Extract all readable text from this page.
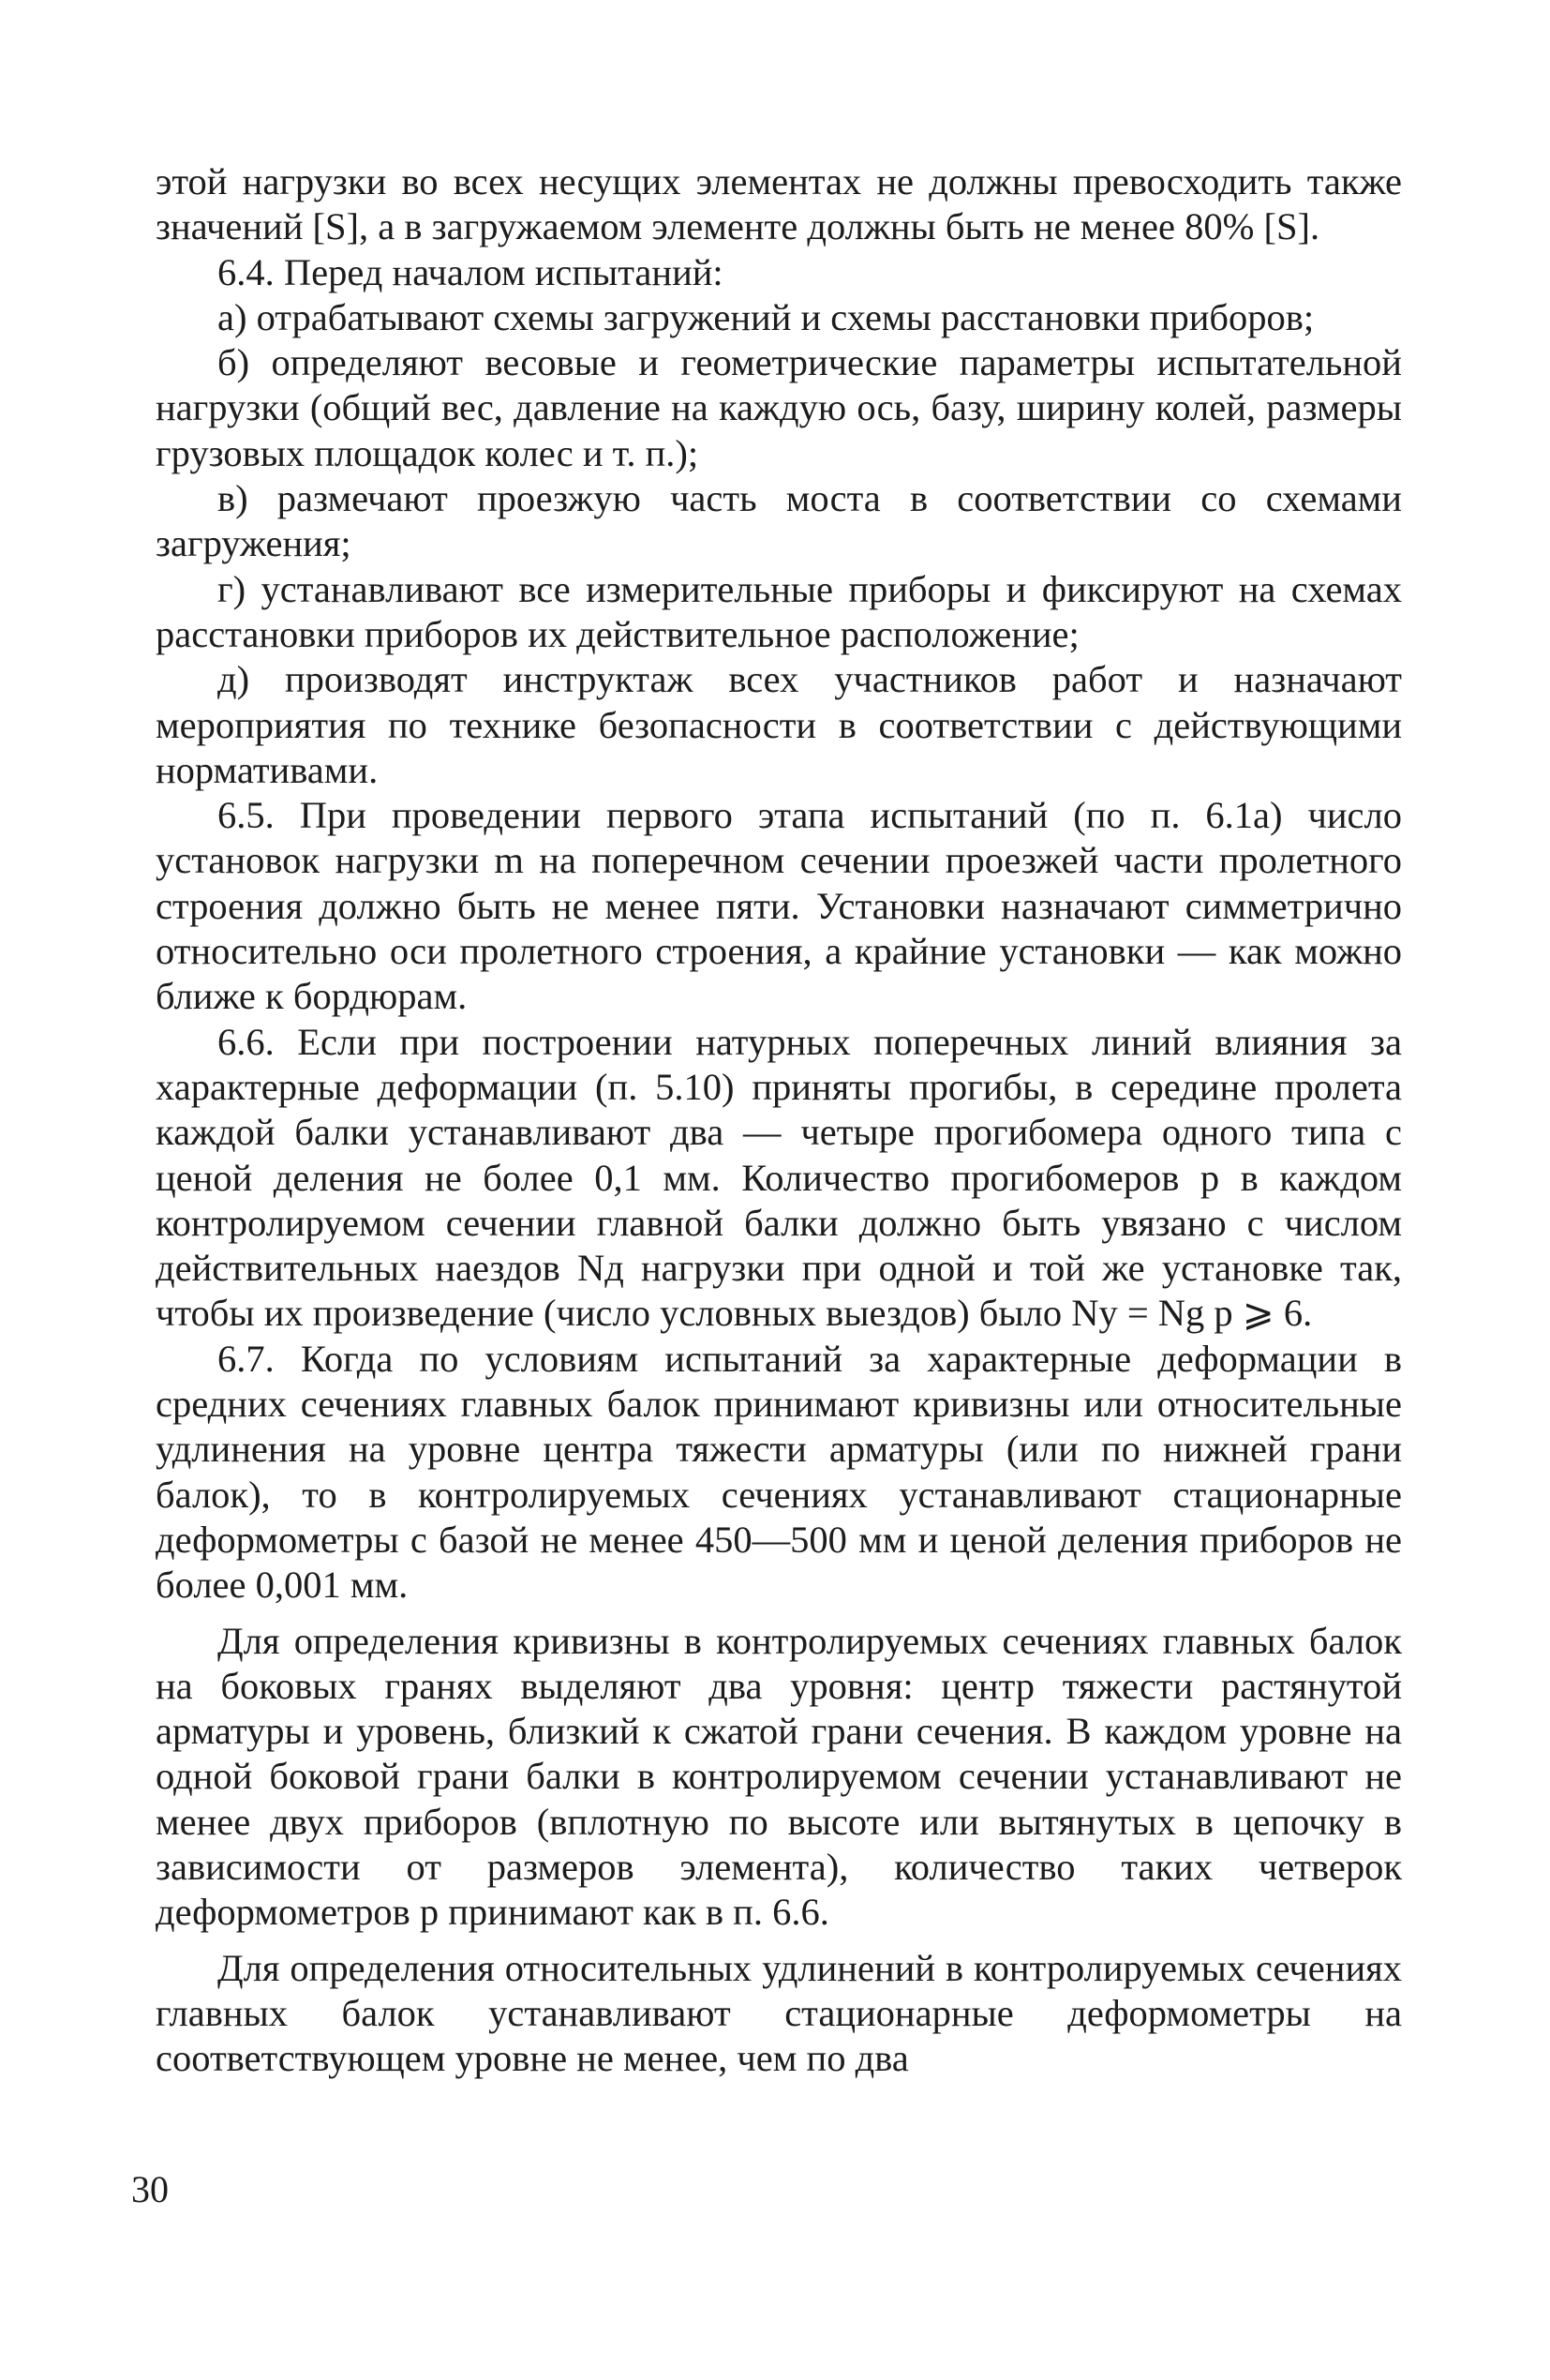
этой нагрузки во всех несущих элементах не должны превосходить также значений [S], а в загружаемом элементе должны быть не менее 80% [S].

6.4. Перед началом испытаний:

а) отрабатывают схемы загружений и схемы расстановки приборов;

б) определяют весовые и геометрические параметры испытательной нагрузки (общий вес, давление на каждую ось, базу, ширину колей, размеры грузовых площадок колес и т. п.);

в) размечают проезжую часть моста в соответствии со схемами загружения;

г) устанавливают все измерительные приборы и фиксируют на схемах расстановки приборов их действительное расположение;

д) производят инструктаж всех участников работ и назначают мероприятия по технике безопасности в соответствии с действующими нормативами.

6.5. При проведении первого этапа испытаний (по п. 6.1а) число установок нагрузки m на поперечном сечении проезжей части пролетного строения должно быть не менее пяти. Установки назначают симметрично относительно оси пролетного строения, а крайние установки — как можно ближе к бордюрам.

6.6. Если при построении натурных поперечных линий влияния за характерные деформации (п. 5.10) приняты прогибы, в середине пролета каждой балки устанавливают два — четыре прогибомера одного типа с ценой деления не более 0,1 мм. Количество прогибомеров p в каждом контролируемом сечении главной балки должно быть увязано с числом действительных наездов Nд нагрузки при одной и той же установке так, чтобы их произведение (число условных выездов) было Ny = Ng p ⩾ 6.

6.7. Когда по условиям испытаний за характерные деформации в средних сечениях главных балок принимают кривизны или относительные удлинения на уровне центра тяжести арматуры (или по нижней грани балок), то в контролируемых сечениях устанавливают стационарные деформометры с базой не менее 450—500 мм и ценой деления приборов не более 0,001 мм.

Для определения кривизны в контролируемых сечениях главных балок на боковых гранях выделяют два уровня: центр тяжести растянутой арматуры и уровень, близкий к сжатой грани сечения. В каждом уровне на одной боковой грани балки в контролируемом сечении устанавливают не менее двух приборов (вплотную по высоте или вытянутых в цепочку в зависимости от размеров элемента), количество таких четверок деформометров p принимают как в п. 6.6.

Для определения относительных удлинений в контролируемых сечениях главных балок устанавливают стационарные деформометры на соответствующем уровне не менее, чем по два

30
